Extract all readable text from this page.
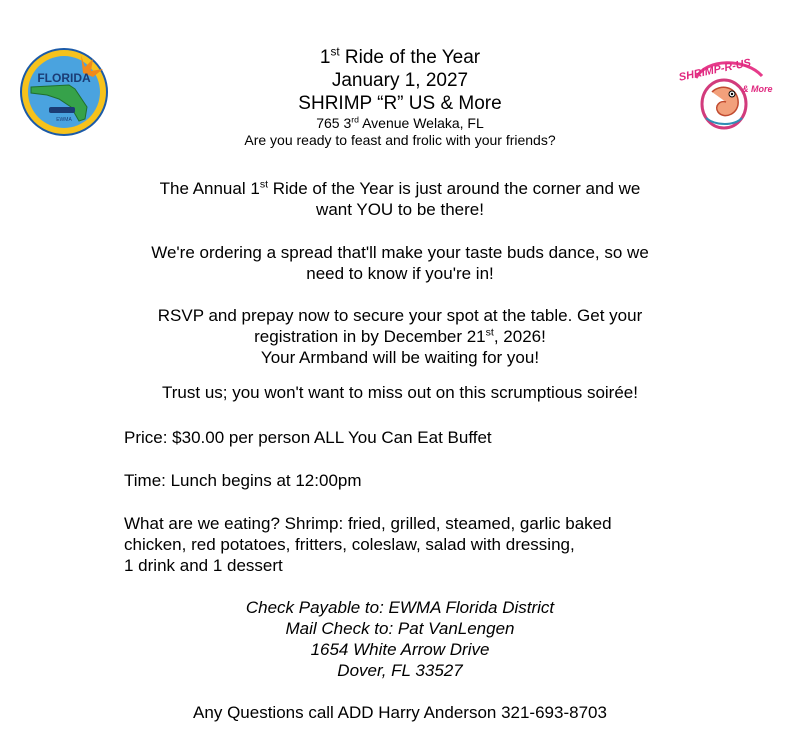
EWMA
FLORIDA	SHRIMP-R-US
& More
1st Ride of the Year
January 1, 2027
SHRIMP “R” US & More
765 3rd Avenue Welaka, FL
Are you ready to feast and frolic with your friends?
The Annual 1st Ride of the Year is just around the corner and we
want YOU to be there!
We're ordering a spread that'll make your taste buds dance, so we
need to know if you're in!
RSVP and prepay now to secure your spot at the table. Get your
registration in by December 21st, 2026!
Your Armband will be waiting for you!
Trust us; you won't want to miss out on this scrumptious soirée!
Price: $30.00 per person ALL You Can Eat Buffet
Time: Lunch begins at 12:00pm
What are we eating? Shrimp: fried, grilled, steamed, garlic baked
chicken, red potatoes, fritters, coleslaw, salad with dressing,
1 drink and 1 dessert
Check Payable to: EWMA Florida District
Mail Check to: Pat VanLengen
1654 White Arrow Drive
Dover, FL 33527
Any Questions call ADD Harry Anderson 321-693-8703
